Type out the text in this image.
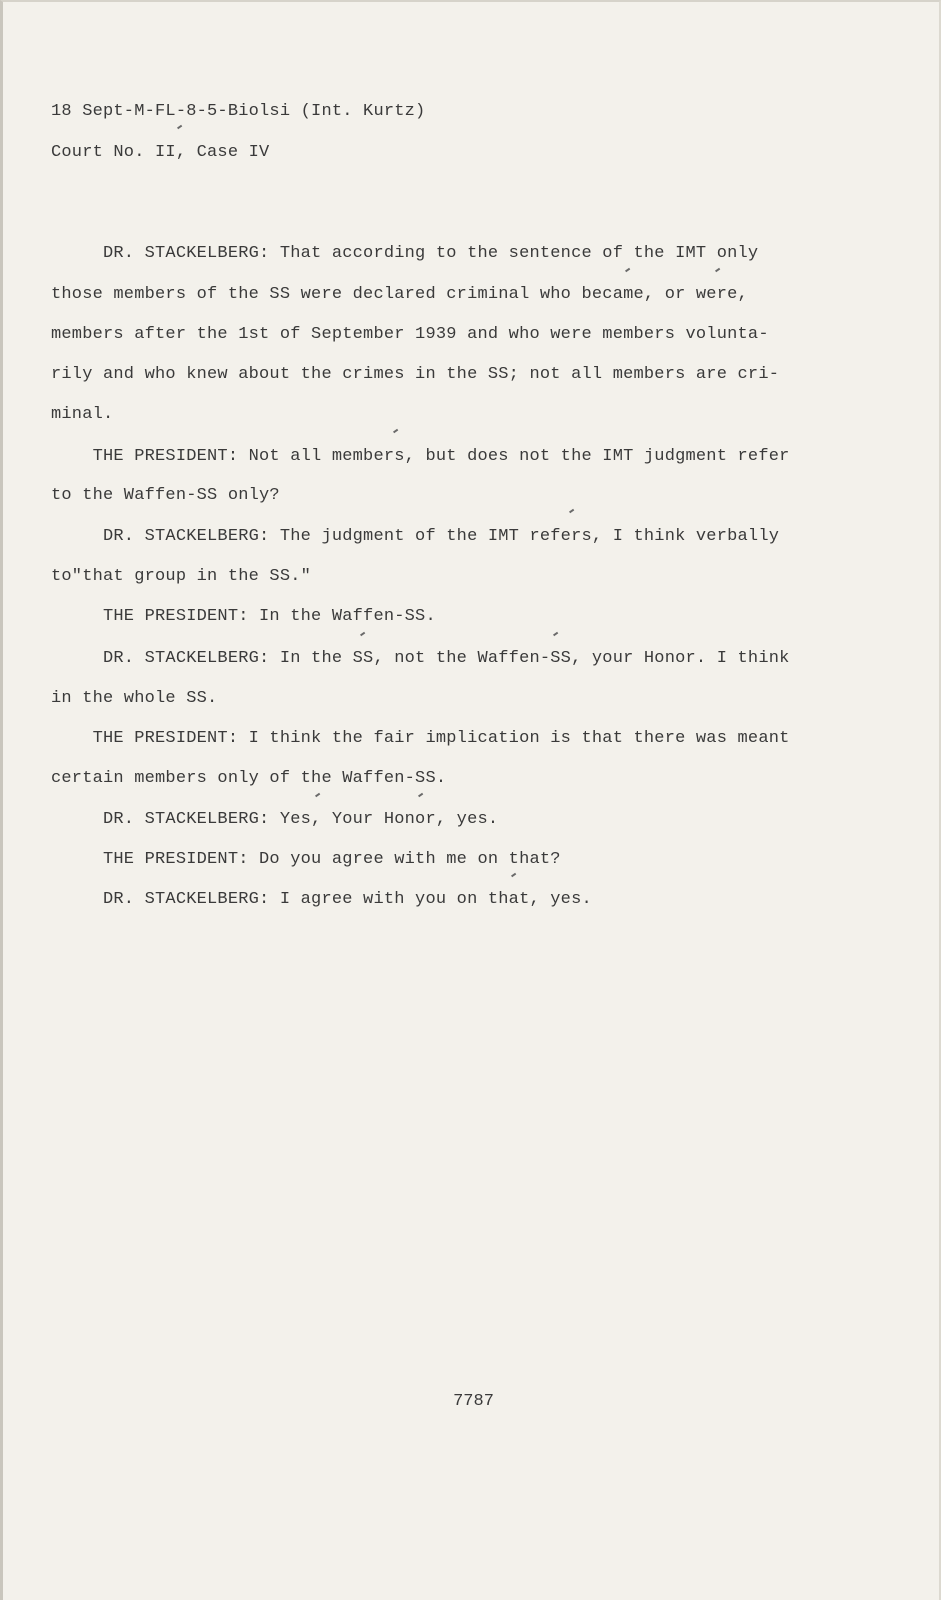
18 Sept-M-FL-8-5-Biolsi (Int. Kurtz)
Court No. II, Case IV
DR. STACKELBERG: That according to the sentence of the IMT only
those members of the SS were declared criminal who became, or were,
members after the 1st of September 1939 and who were members volunta-
rily and who knew about the crimes in the SS; not all members are cri-
minal.
THE PRESIDENT: Not all members, but does not the IMT judgment refer
to the Waffen-SS only?
DR. STACKELBERG: The judgment of the IMT refers, I think verbally
to"that group in the SS."
THE PRESIDENT: In the Waffen-SS.
DR. STACKELBERG: In the SS, not the Waffen-SS, your Honor. I think
in the whole SS.
THE PRESIDENT: I think the fair implication is that there was meant
certain members only of the Waffen-SS.
DR. STACKELBERG: Yes, Your Honor, yes.
THE PRESIDENT: Do you agree with me on that?
DR. STACKELBERG: I agree with you on that, yes.
7787
